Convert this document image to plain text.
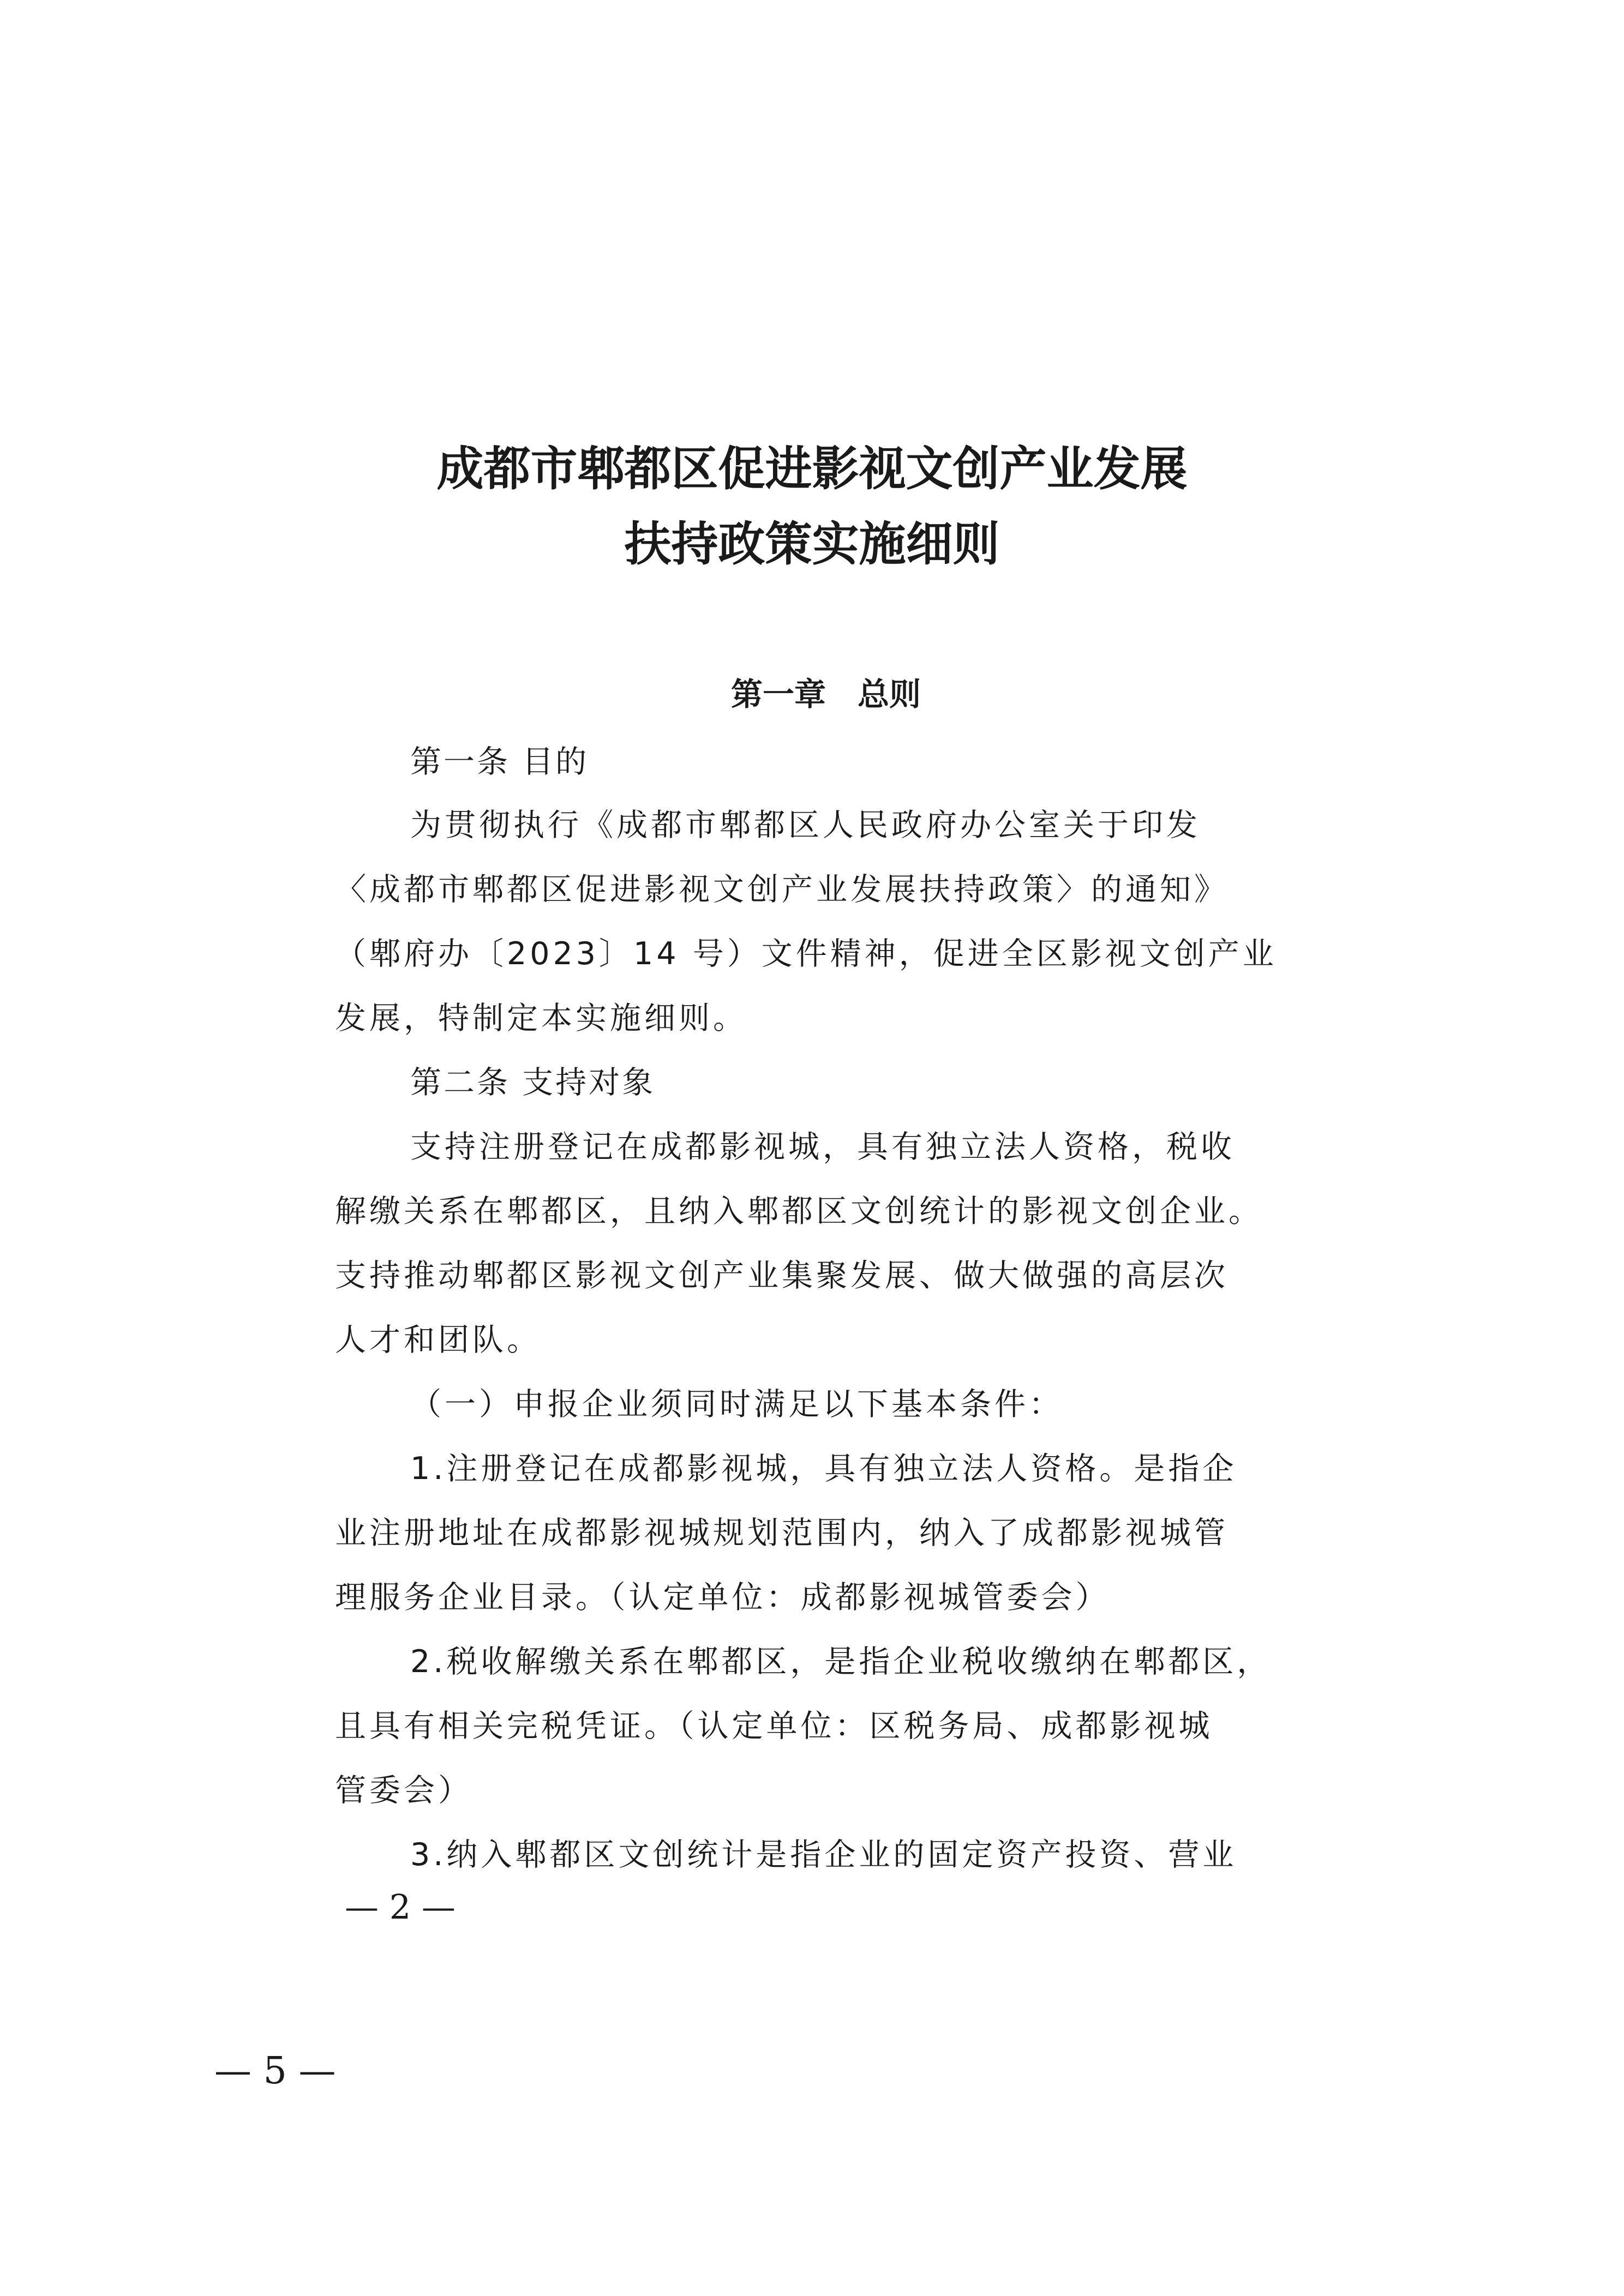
成都市郫都区促进影视文创产业发展
扶持政策实施细则
第一章　总则
第一条 目的
为贯彻执行《成都市郫都区人民政府办公室关于印发
〈成都市郫都区促进影视文创产业发展扶持政策〉的通知》
（郫府办〔2023〕14 号）文件精神，促进全区影视文创产业
发展，特制定本实施细则。
第二条 支持对象
支持注册登记在成都影视城，具有独立法人资格，税收
解缴关系在郫都区，且纳入郫都区文创统计的影视文创企业。
支持推动郫都区影视文创产业集聚发展、做大做强的高层次
人才和团队。
（一）申报企业须同时满足以下基本条件：
1.注册登记在成都影视城，具有独立法人资格。是指企
业注册地址在成都影视城规划范围内，纳入了成都影视城管
理服务企业目录。（认定单位：成都影视城管委会）
2.税收解缴关系在郫都区，是指企业税收缴纳在郫都区，
且具有相关完税凭证。（认定单位：区税务局、成都影视城
管委会）
3.纳入郫都区文创统计是指企业的固定资产投资、营业
— 2 —
— 5 —
